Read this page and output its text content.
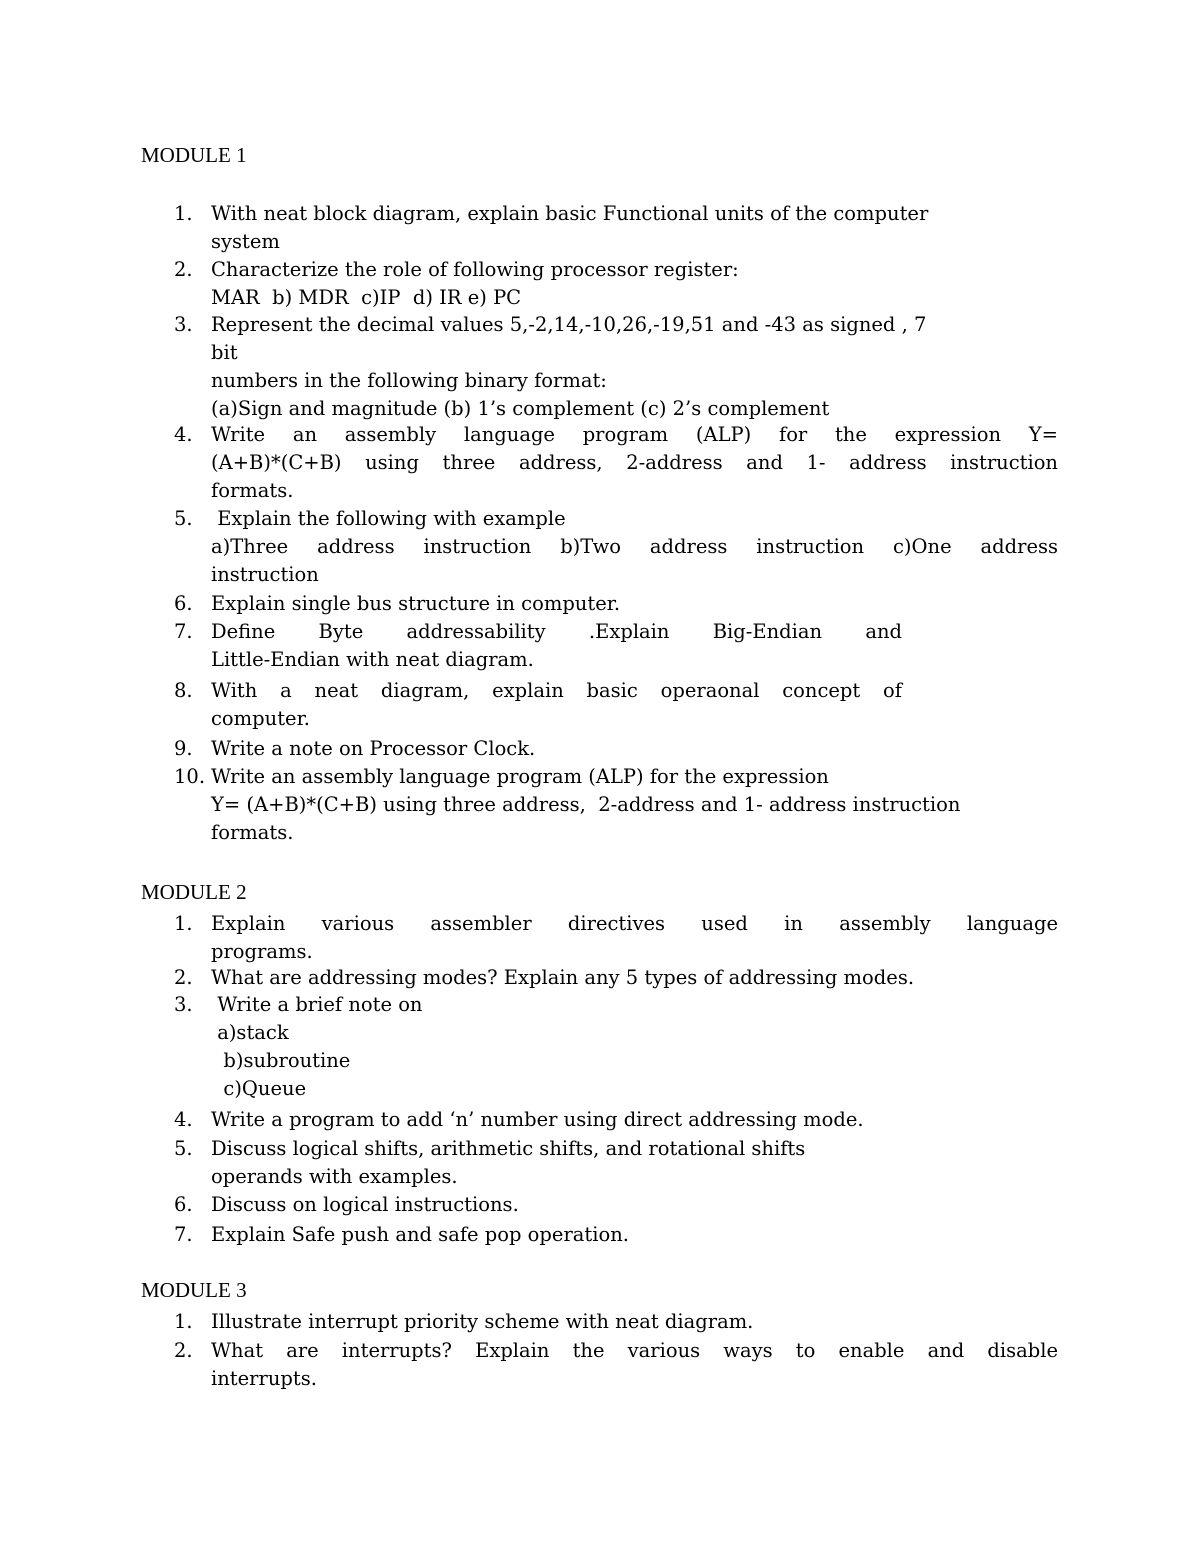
MODULE 1
1. With neat block diagram, explain basic Functional units of the computer
system
2. Characterize the role of following processor register:
MAR  b) MDR  c)IP  d) IR e) PC
3. Represent the decimal values 5,-2,14,-10,26,-19,51 and -43 as signed , 7
bit
numbers in the following binary format:
(a)Sign and magnitude (b) 1’s complement (c) 2’s complement
4. Write an assembly language program (ALP) for the expression Y=
(A+B)*(C+B) using three address, 2-address and 1- address instruction
formats.
5. Explain the following with example
a)Three address instruction b)Two address instruction c)One address
instruction
6. Explain single bus structure in computer.
7. Define Byte addressability .Explain Big-Endian and
Little-Endian with neat diagram.
8. With a neat diagram, explain basic operaonal concept of
computer.
9. Write a note on Processor Clock.
10. Write an assembly language program (ALP) for the expression
Y= (A+B)*(C+B) using three address,  2-address and 1- address instruction
formats.
MODULE 2
1. Explain various assembler directives used in assembly language
programs.
2. What are addressing modes? Explain any 5 types of addressing modes.
3. Write a brief note on
a)stack
b)subroutine
c)Queue
4. Write a program to add ‘n’ number using direct addressing mode.
5. Discuss logical shifts, arithmetic shifts, and rotational shifts
operands with examples.
6. Discuss on logical instructions.
7. Explain Safe push and safe pop operation.
MODULE 3
1. Illustrate interrupt priority scheme with neat diagram.
2. What are interrupts? Explain the various ways to enable and disable
interrupts.
